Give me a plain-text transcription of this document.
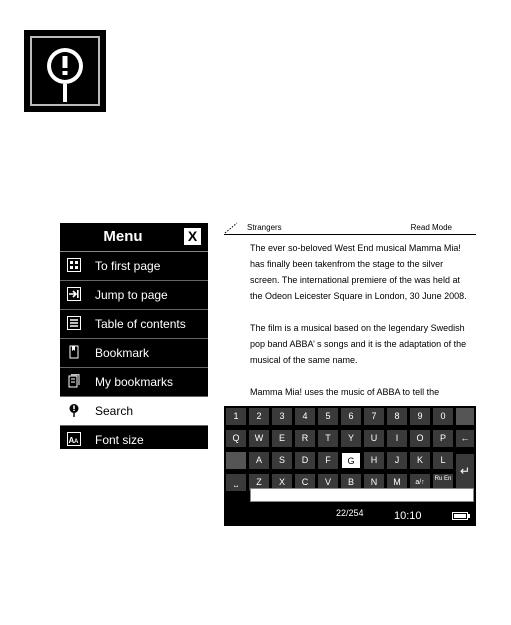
Menu	X
To first page
Jump to page
Table of contents
Bookmark
My bookmarks
Search
A A Font size
Strangers	Read Mode

The ever so-beloved West End musical Mamma Mia! has finally been takenfrom the stage to the silver screen. The international premiere of the was held at the Odeon Leicester Square in London, 30 June 2008.

The film is a musical based on the legendary Swedish pop band ABBA’ s songs and it is the adaptation of the musical of the same name.

Mamma Mia! uses the music of ABBA to tell the

1	2	3	4	5	6	7	8	9	0
Q	W	E	R	T	Y	U	I	O	P	←
A	S	D	F	G	H	J	K	L
⎵	Z	X	C	V	B	N	M	a/↑	Ru En
↵
22/254	10:10
